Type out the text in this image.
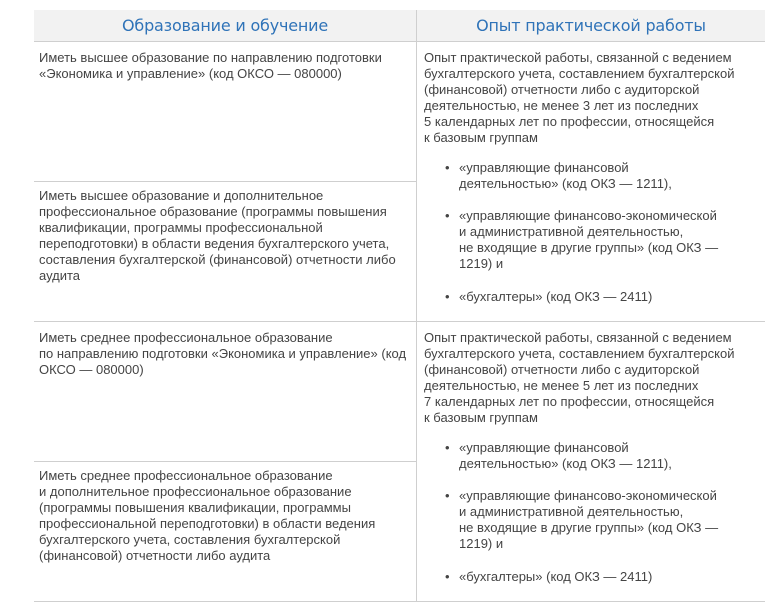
Образование и обучение	Опыт практической работы
Иметь высшее образование по направлению подготовки
«Экономика и управление» (код ОКСО — 080000)
Иметь высшее образование и дополнительное
профессиональное образование (программы повышения
квалификации, программы профессиональной
переподготовки) в области ведения бухгалтерского учета,
составления бухгалтерской (финансовой) отчетности либо
аудита
Опыт практической работы, связанной с ведением
бухгалтерского учета, составлением бухгалтерской
(финансовой) отчетности либо с аудиторской
деятельностью, не менее 3 лет из последних
5 календарных лет по профессии, относящейся
к базовым группам
• «управляющие финансовой
деятельностью» (код ОКЗ — 1211),
• «управляющие финансово-экономической
и административной деятельностью,
не входящие в другие группы» (код ОКЗ —
1219) и
• «бухгалтеры» (код ОКЗ — 2411)
Иметь среднее профессиональное образование
по направлению подготовки «Экономика и управление» (код
ОКСО — 080000)
Иметь среднее профессиональное образование
и дополнительное профессиональное образование
(программы повышения квалификации, программы
профессиональной переподготовки) в области ведения
бухгалтерского учета, составления бухгалтерской
(финансовой) отчетности либо аудита
Опыт практической работы, связанной с ведением
бухгалтерского учета, составлением бухгалтерской
(финансовой) отчетности либо с аудиторской
деятельностью, не менее 5 лет из последних
7 календарных лет по профессии, относящейся
к базовым группам
• «управляющие финансовой
деятельностью» (код ОКЗ — 1211),
• «управляющие финансово-экономической
и административной деятельностью,
не входящие в другие группы» (код ОКЗ —
1219) и
• «бухгалтеры» (код ОКЗ — 2411)
